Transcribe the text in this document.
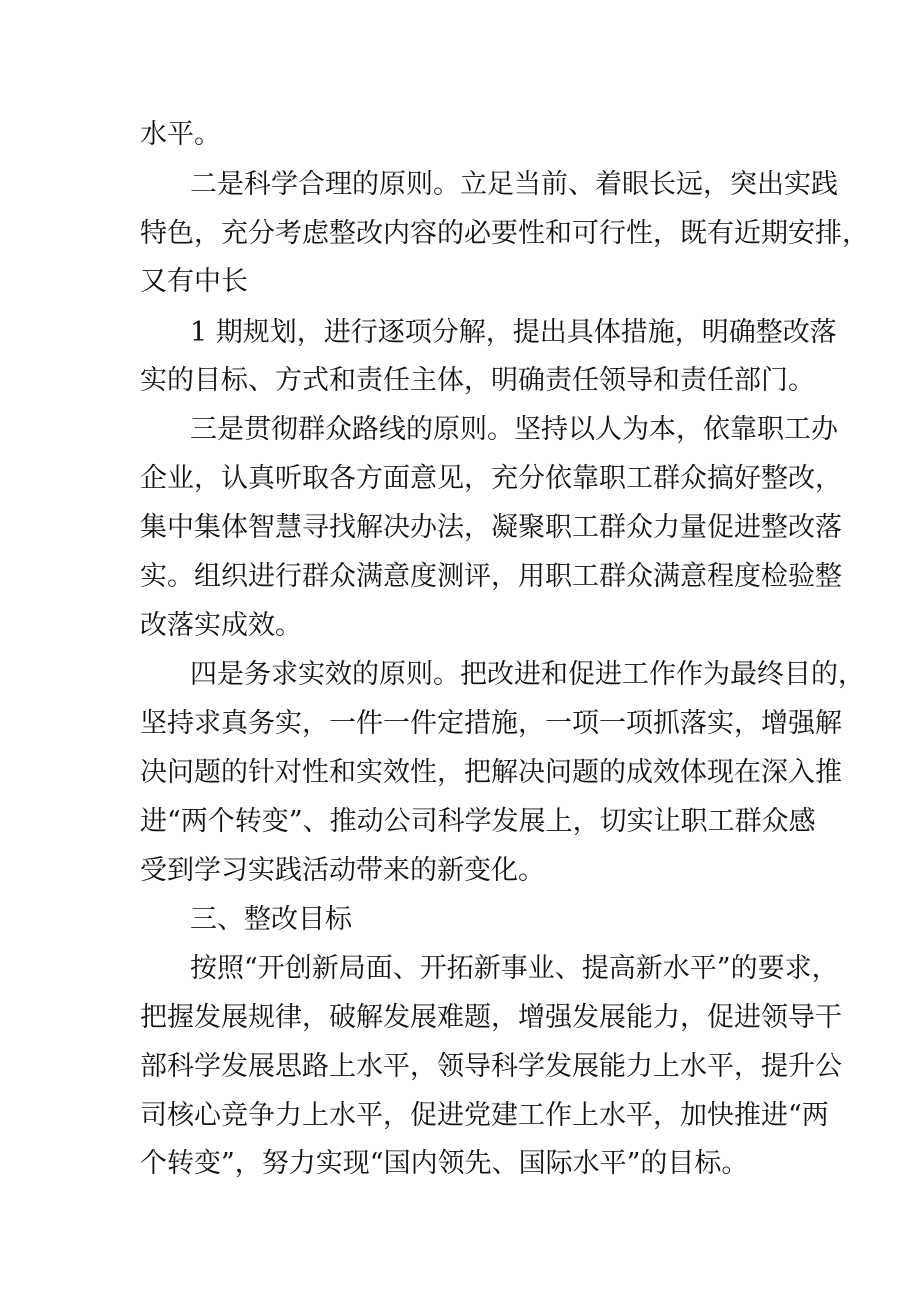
水平。
二是科学合理的原则。立足当前、着眼长远，突出实践
特色，充分考虑整改内容的必要性和可行性，既有近期安排，
又有中长
1 期规划，进行逐项分解，提出具体措施，明确整改落
实的目标、方式和责任主体，明确责任领导和责任部门。
三是贯彻群众路线的原则。坚持以人为本，依靠职工办
企业，认真听取各方面意见，充分依靠职工群众搞好整改，
集中集体智慧寻找解决办法，凝聚职工群众力量促进整改落
实。组织进行群众满意度测评，用职工群众满意程度检验整
改落实成效。
四是务求实效的原则。把改进和促进工作作为最终目的，
坚持求真务实，一件一件定措施，一项一项抓落实，增强解
决问题的针对性和实效性，把解决问题的成效体现在深入推
进“两个转变”、推动公司科学发展上，切实让职工群众感
受到学习实践活动带来的新变化。
三、整改目标
按照“开创新局面、开拓新事业、提高新水平”的要求，
把握发展规律，破解发展难题，增强发展能力，促进领导干
部科学发展思路上水平，领导科学发展能力上水平，提升公
司核心竞争力上水平，促进党建工作上水平，加快推进“两
个转变”，努力实现“国内领先、国际水平”的目标。
